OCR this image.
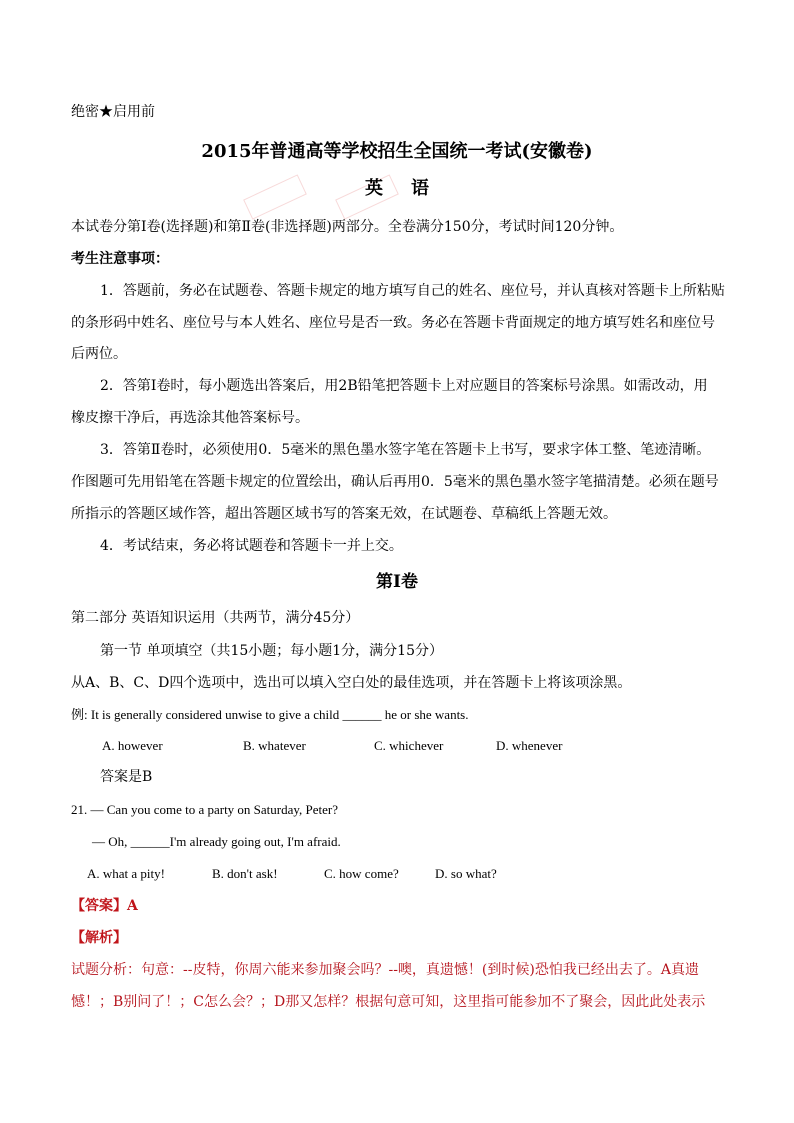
绝密★启用前
2015年普通高等学校招生全国统一考试(安徽卷)
英语
本试卷分第Ⅰ卷(选择题)和第Ⅱ卷(非选择题)两部分。全卷满分150分，考试时间120分钟。
考生注意事项：
1．答题前，务必在试题卷、答题卡规定的地方填写自己的姓名、座位号，并认真核对答题卡上所粘贴
的条形码中姓名、座位号与本人姓名、座位号是否一致。务必在答题卡背面规定的地方填写姓名和座位号
后两位。
2．答第Ⅰ卷时，每小题选出答案后，用2B铅笔把答题卡上对应题目的答案标号涂黑。如需改动，用
橡皮擦干净后，再选涂其他答案标号。
3．答第Ⅱ卷时，必须使用0．5毫米的黑色墨水签字笔在答题卡上书写，要求字体工整、笔迹清晰。
作图题可先用铅笔在答题卡规定的位置绘出，确认后再用0．5毫米的黑色墨水签字笔描清楚。必须在题号
所指示的答题区域作答，超出答题区域书写的答案无效，在试题卷、草稿纸上答题无效。
4．考试结束，务必将试题卷和答题卡一并上交。
第Ⅰ卷
第二部分 英语知识运用（共两节，满分45分）
第一节 单项填空（共15小题；每小题1分，满分15分）
从A、B、C、D四个选项中，选出可以填入空白处的最佳选项，并在答题卡上将该项涂黑。
例: It is generally considered unwise to give a child ______ he or she wants.
A. however	B. whatever	C. whichever	D. whenever
答案是B
21. — Can you come to a party on Saturday, Peter?
— Oh, ______I'm already going out, I'm afraid.
A. what a pity!	B. don't ask!	C. how come?	D. so what?
【答案】A
【解析】
试题分析：句意：--皮特，你周六能来参加聚会吗？--噢，真遗憾！(到时候)恐怕我已经出去了。A真遗
憾！；B别问了！；C怎么会？；D那又怎样？根据句意可知，这里指可能参加不了聚会，因此此处表示
